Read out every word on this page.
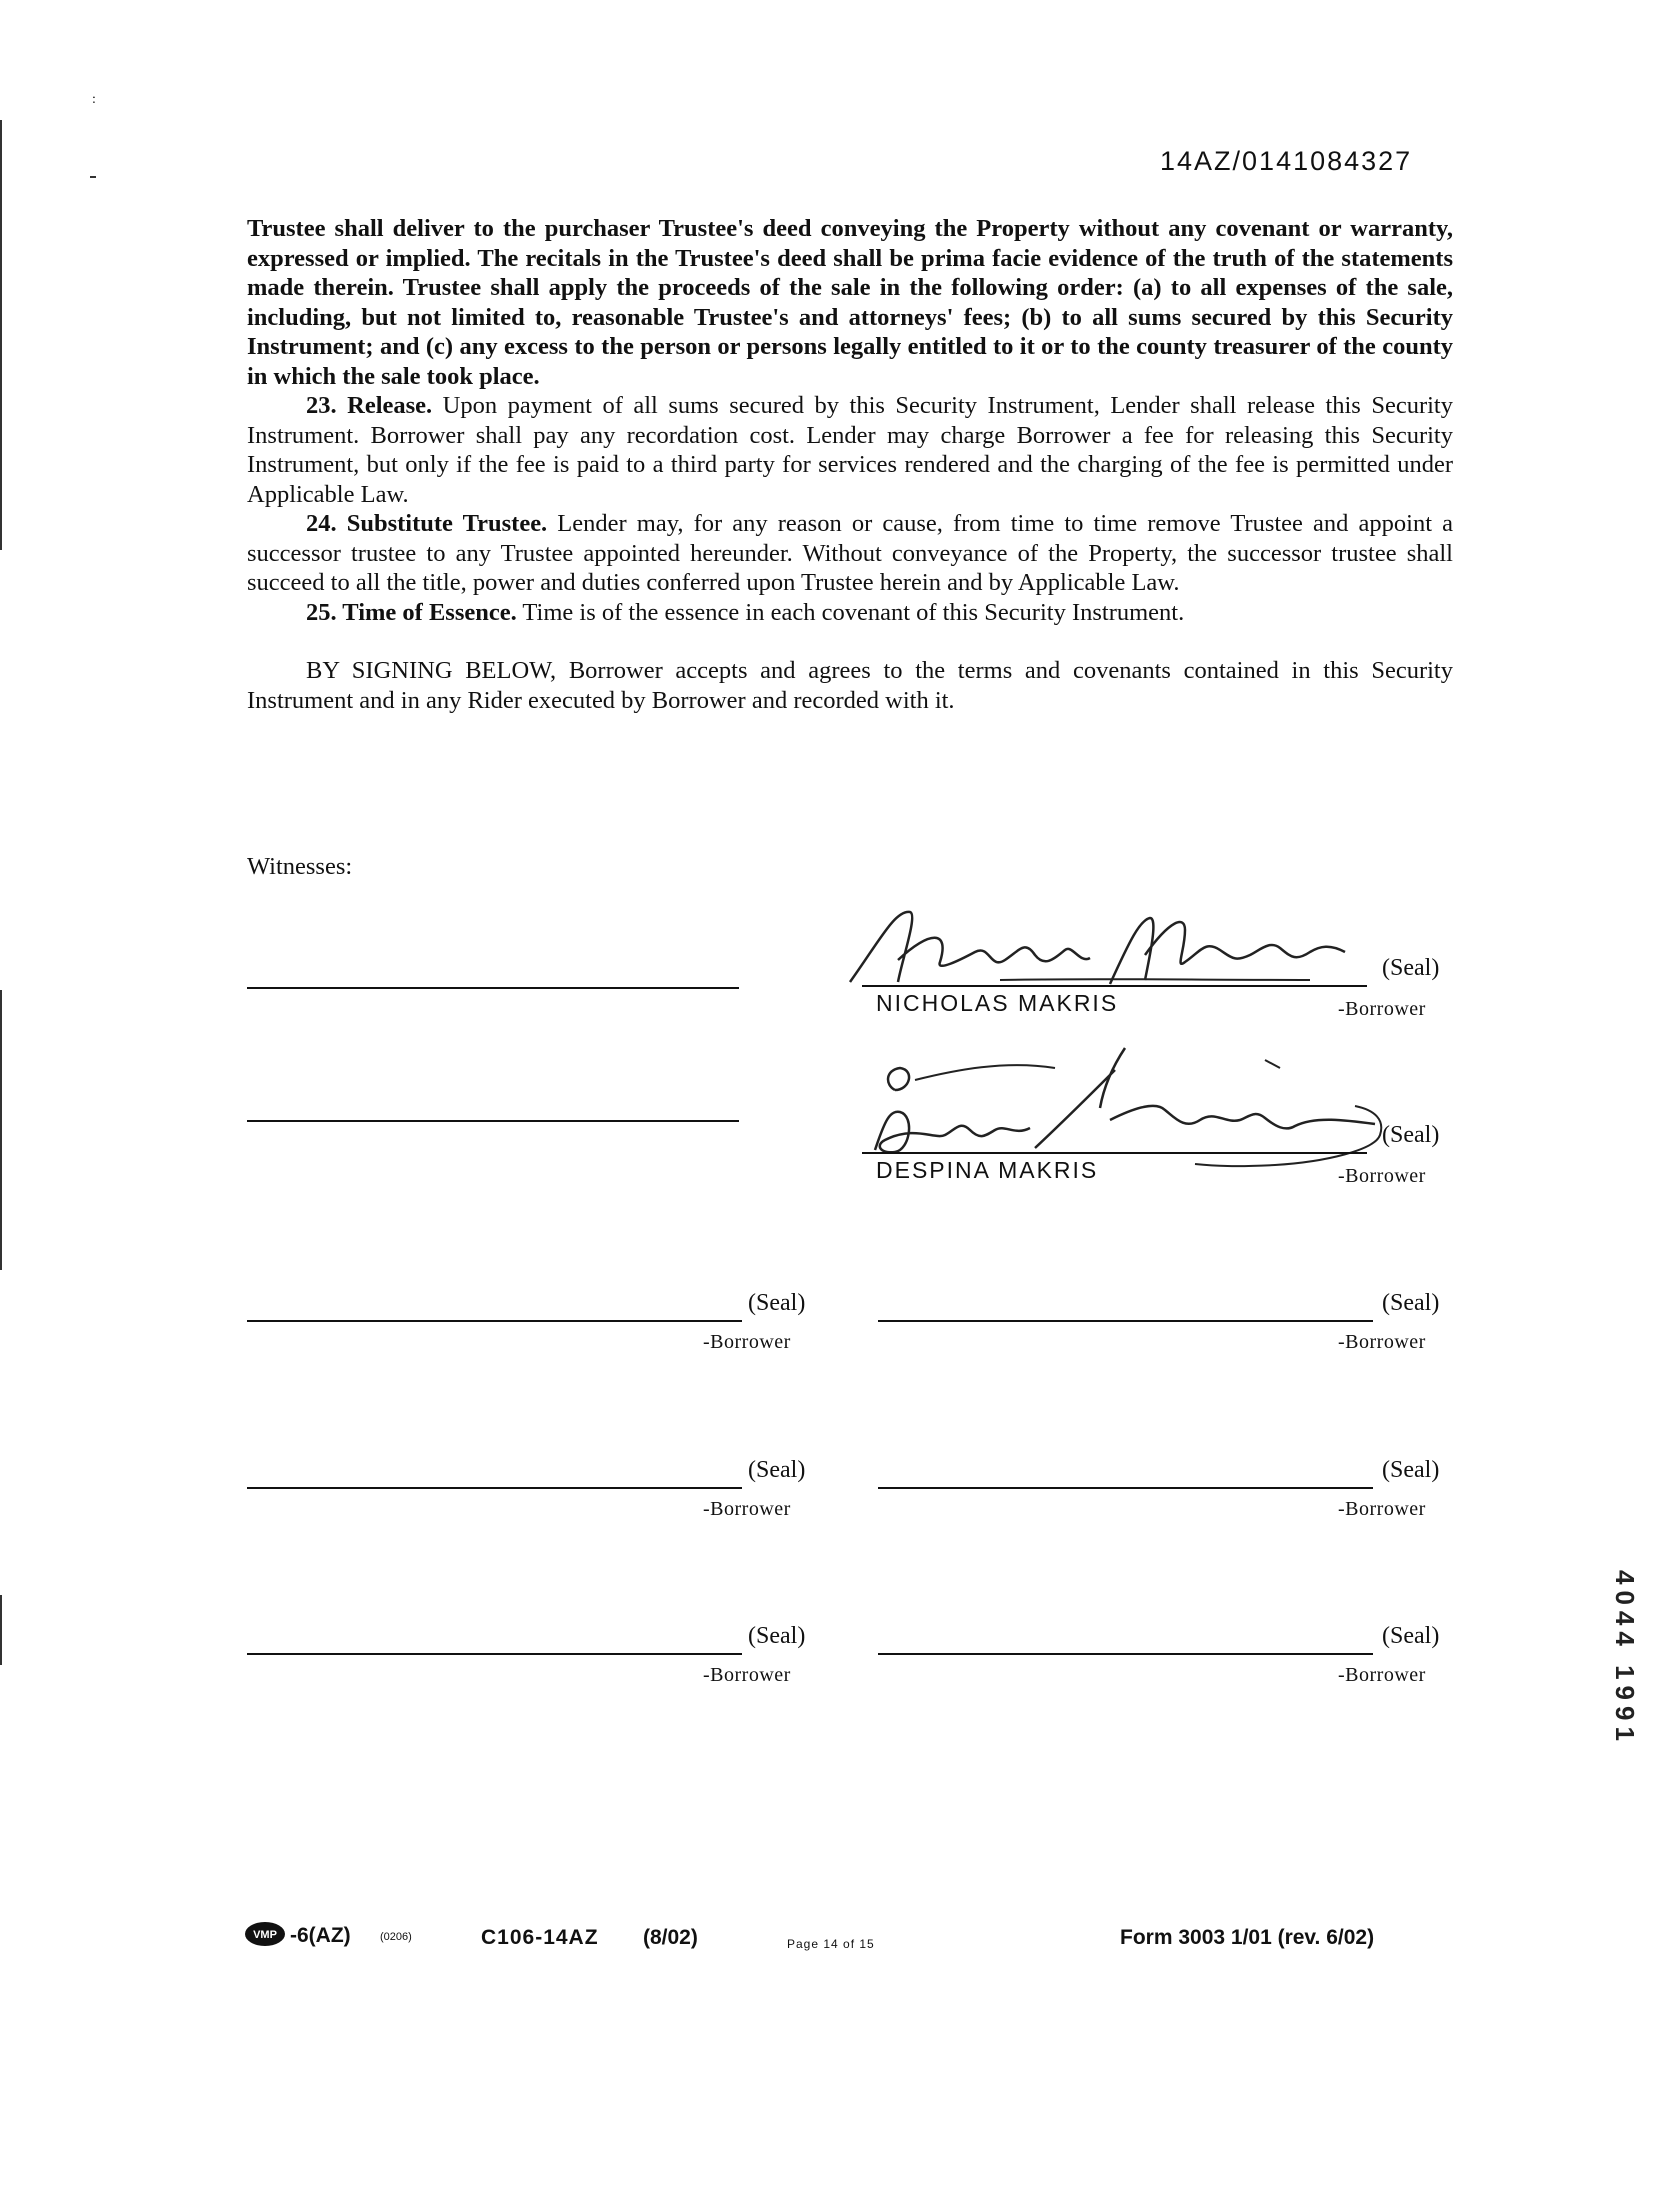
14AZ/0141084327

Trustee shall deliver to the purchaser Trustee's deed conveying the Property without any covenant or warranty, expressed or implied. The recitals in the Trustee's deed shall be prima facie evidence of the truth of the statements made therein. Trustee shall apply the proceeds of the sale in the following order: (a) to all expenses of the sale, including, but not limited to, reasonable Trustee's and attorneys' fees; (b) to all sums secured by this Security Instrument; and (c) any excess to the person or persons legally entitled to it or to the county treasurer of the county in which the sale took place.

23. Release. Upon payment of all sums secured by this Security Instrument, Lender shall release this Security Instrument. Borrower shall pay any recordation cost. Lender may charge Borrower a fee for releasing this Security Instrument, but only if the fee is paid to a third party for services rendered and the charging of the fee is permitted under Applicable Law.

24. Substitute Trustee. Lender may, for any reason or cause, from time to time remove Trustee and appoint a successor trustee to any Trustee appointed hereunder. Without conveyance of the Property, the successor trustee shall succeed to all the title, power and duties conferred upon Trustee herein and by Applicable Law.

25. Time of Essence. Time is of the essence in each covenant of this Security Instrument.

BY SIGNING BELOW, Borrower accepts and agrees to the terms and covenants contained in this Security Instrument and in any Rider executed by Borrower and recorded with it.

Witnesses:
(Seal)
NICHOLAS MAKRIS	-Borrower
(Seal)
DESPINA MAKRIS	-Borrower
(Seal)
-Borrower
(Seal)
-Borrower
(Seal)
-Borrower
(Seal)
-Borrower
(Seal)
-Borrower
(Seal)
-Borrower
VMP -6(AZ)	(0206)	C106-14AZ (8/02)	Page 14 of 15	Form 3003 1/01 (rev. 6/02)
:
4044 1991
